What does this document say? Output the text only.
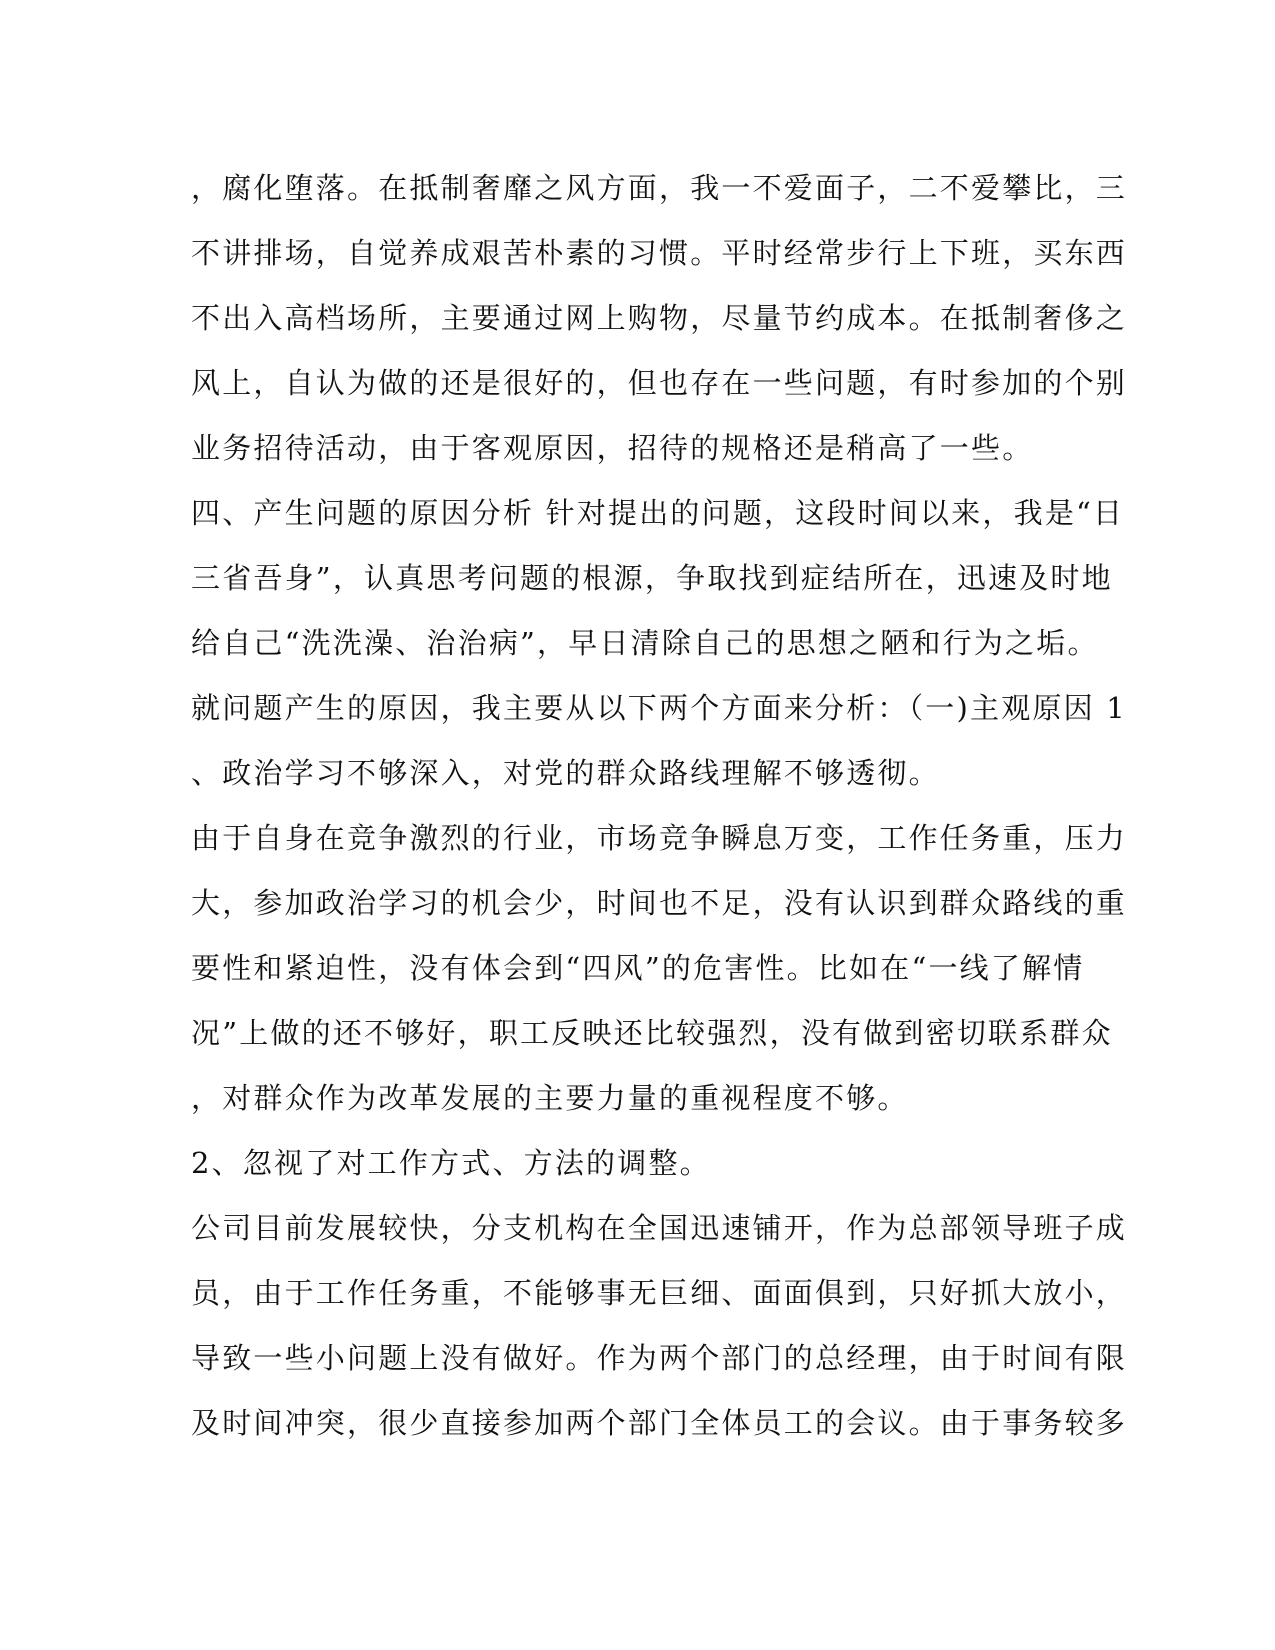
，腐化堕落。在抵制奢靡之风方面，我一不爱面子，二不爱攀比，三
不讲排场，自觉养成艰苦朴素的习惯。平时经常步行上下班，买东西
不出入高档场所，主要通过网上购物，尽量节约成本。在抵制奢侈之
风上，自认为做的还是很好的，但也存在一些问题，有时参加的个别
业务招待活动，由于客观原因，招待的规格还是稍高了一些。
四、产生问题的原因分析 针对提出的问题，这段时间以来，我是“日
三省吾身”，认真思考问题的根源，争取找到症结所在，迅速及时地
给自己“洗洗澡、治治病”，早日清除自己的思想之陋和行为之垢。
就问题产生的原因，我主要从以下两个方面来分析：（一)主观原因 1
、政治学习不够深入，对党的群众路线理解不够透彻。
由于自身在竞争激烈的行业，市场竞争瞬息万变，工作任务重，压力
大，参加政治学习的机会少，时间也不足，没有认识到群众路线的重
要性和紧迫性，没有体会到“四风”的危害性。比如在“一线了解情
况”上做的还不够好，职工反映还比较强烈，没有做到密切联系群众
，对群众作为改革发展的主要力量的重视程度不够。
2、忽视了对工作方式、方法的调整。
公司目前发展较快，分支机构在全国迅速铺开，作为总部领导班子成
员，由于工作任务重，不能够事无巨细、面面俱到，只好抓大放小，
导致一些小问题上没有做好。作为两个部门的总经理，由于时间有限
及时间冲突，很少直接参加两个部门全体员工的会议。由于事务较多
